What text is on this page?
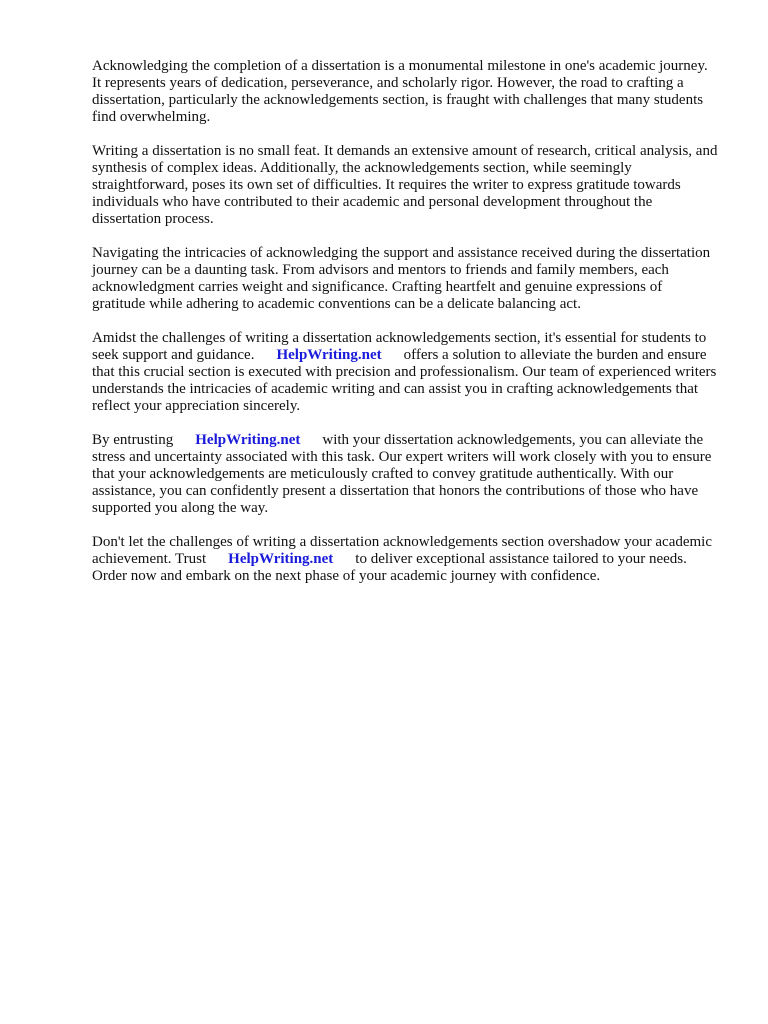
Acknowledging the completion of a dissertation is a monumental milestone in one's academic journey. It represents years of dedication, perseverance, and scholarly rigor. However, the road to crafting a dissertation, particularly the acknowledgements section, is fraught with challenges that many students find overwhelming.

Writing a dissertation is no small feat. It demands an extensive amount of research, critical analysis, and synthesis of complex ideas. Additionally, the acknowledgements section, while seemingly straightforward, poses its own set of difficulties. It requires the writer to express gratitude towards individuals who have contributed to their academic and personal development throughout the dissertation process.

Navigating the intricacies of acknowledging the support and assistance received during the dissertation journey can be a daunting task. From advisors and mentors to friends and family members, each acknowledgment carries weight and significance. Crafting heartfelt and genuine expressions of gratitude while adhering to academic conventions can be a delicate balancing act.

Amidst the challenges of writing a dissertation acknowledgements section, it's essential for students to seek support and guidance. HelpWriting.net offers a solution to alleviate the burden and ensure that this crucial section is executed with precision and professionalism. Our team of experienced writers understands the intricacies of academic writing and can assist you in crafting acknowledgements that reflect your appreciation sincerely.

By entrusting HelpWriting.net with your dissertation acknowledgements, you can alleviate the stress and uncertainty associated with this task. Our expert writers will work closely with you to ensure that your acknowledgements are meticulously crafted to convey gratitude authentically. With our assistance, you can confidently present a dissertation that honors the contributions of those who have supported you along the way.

Don't let the challenges of writing a dissertation acknowledgements section overshadow your academic achievement. Trust HelpWriting.net to deliver exceptional assistance tailored to your needs. Order now and embark on the next phase of your academic journey with confidence.
